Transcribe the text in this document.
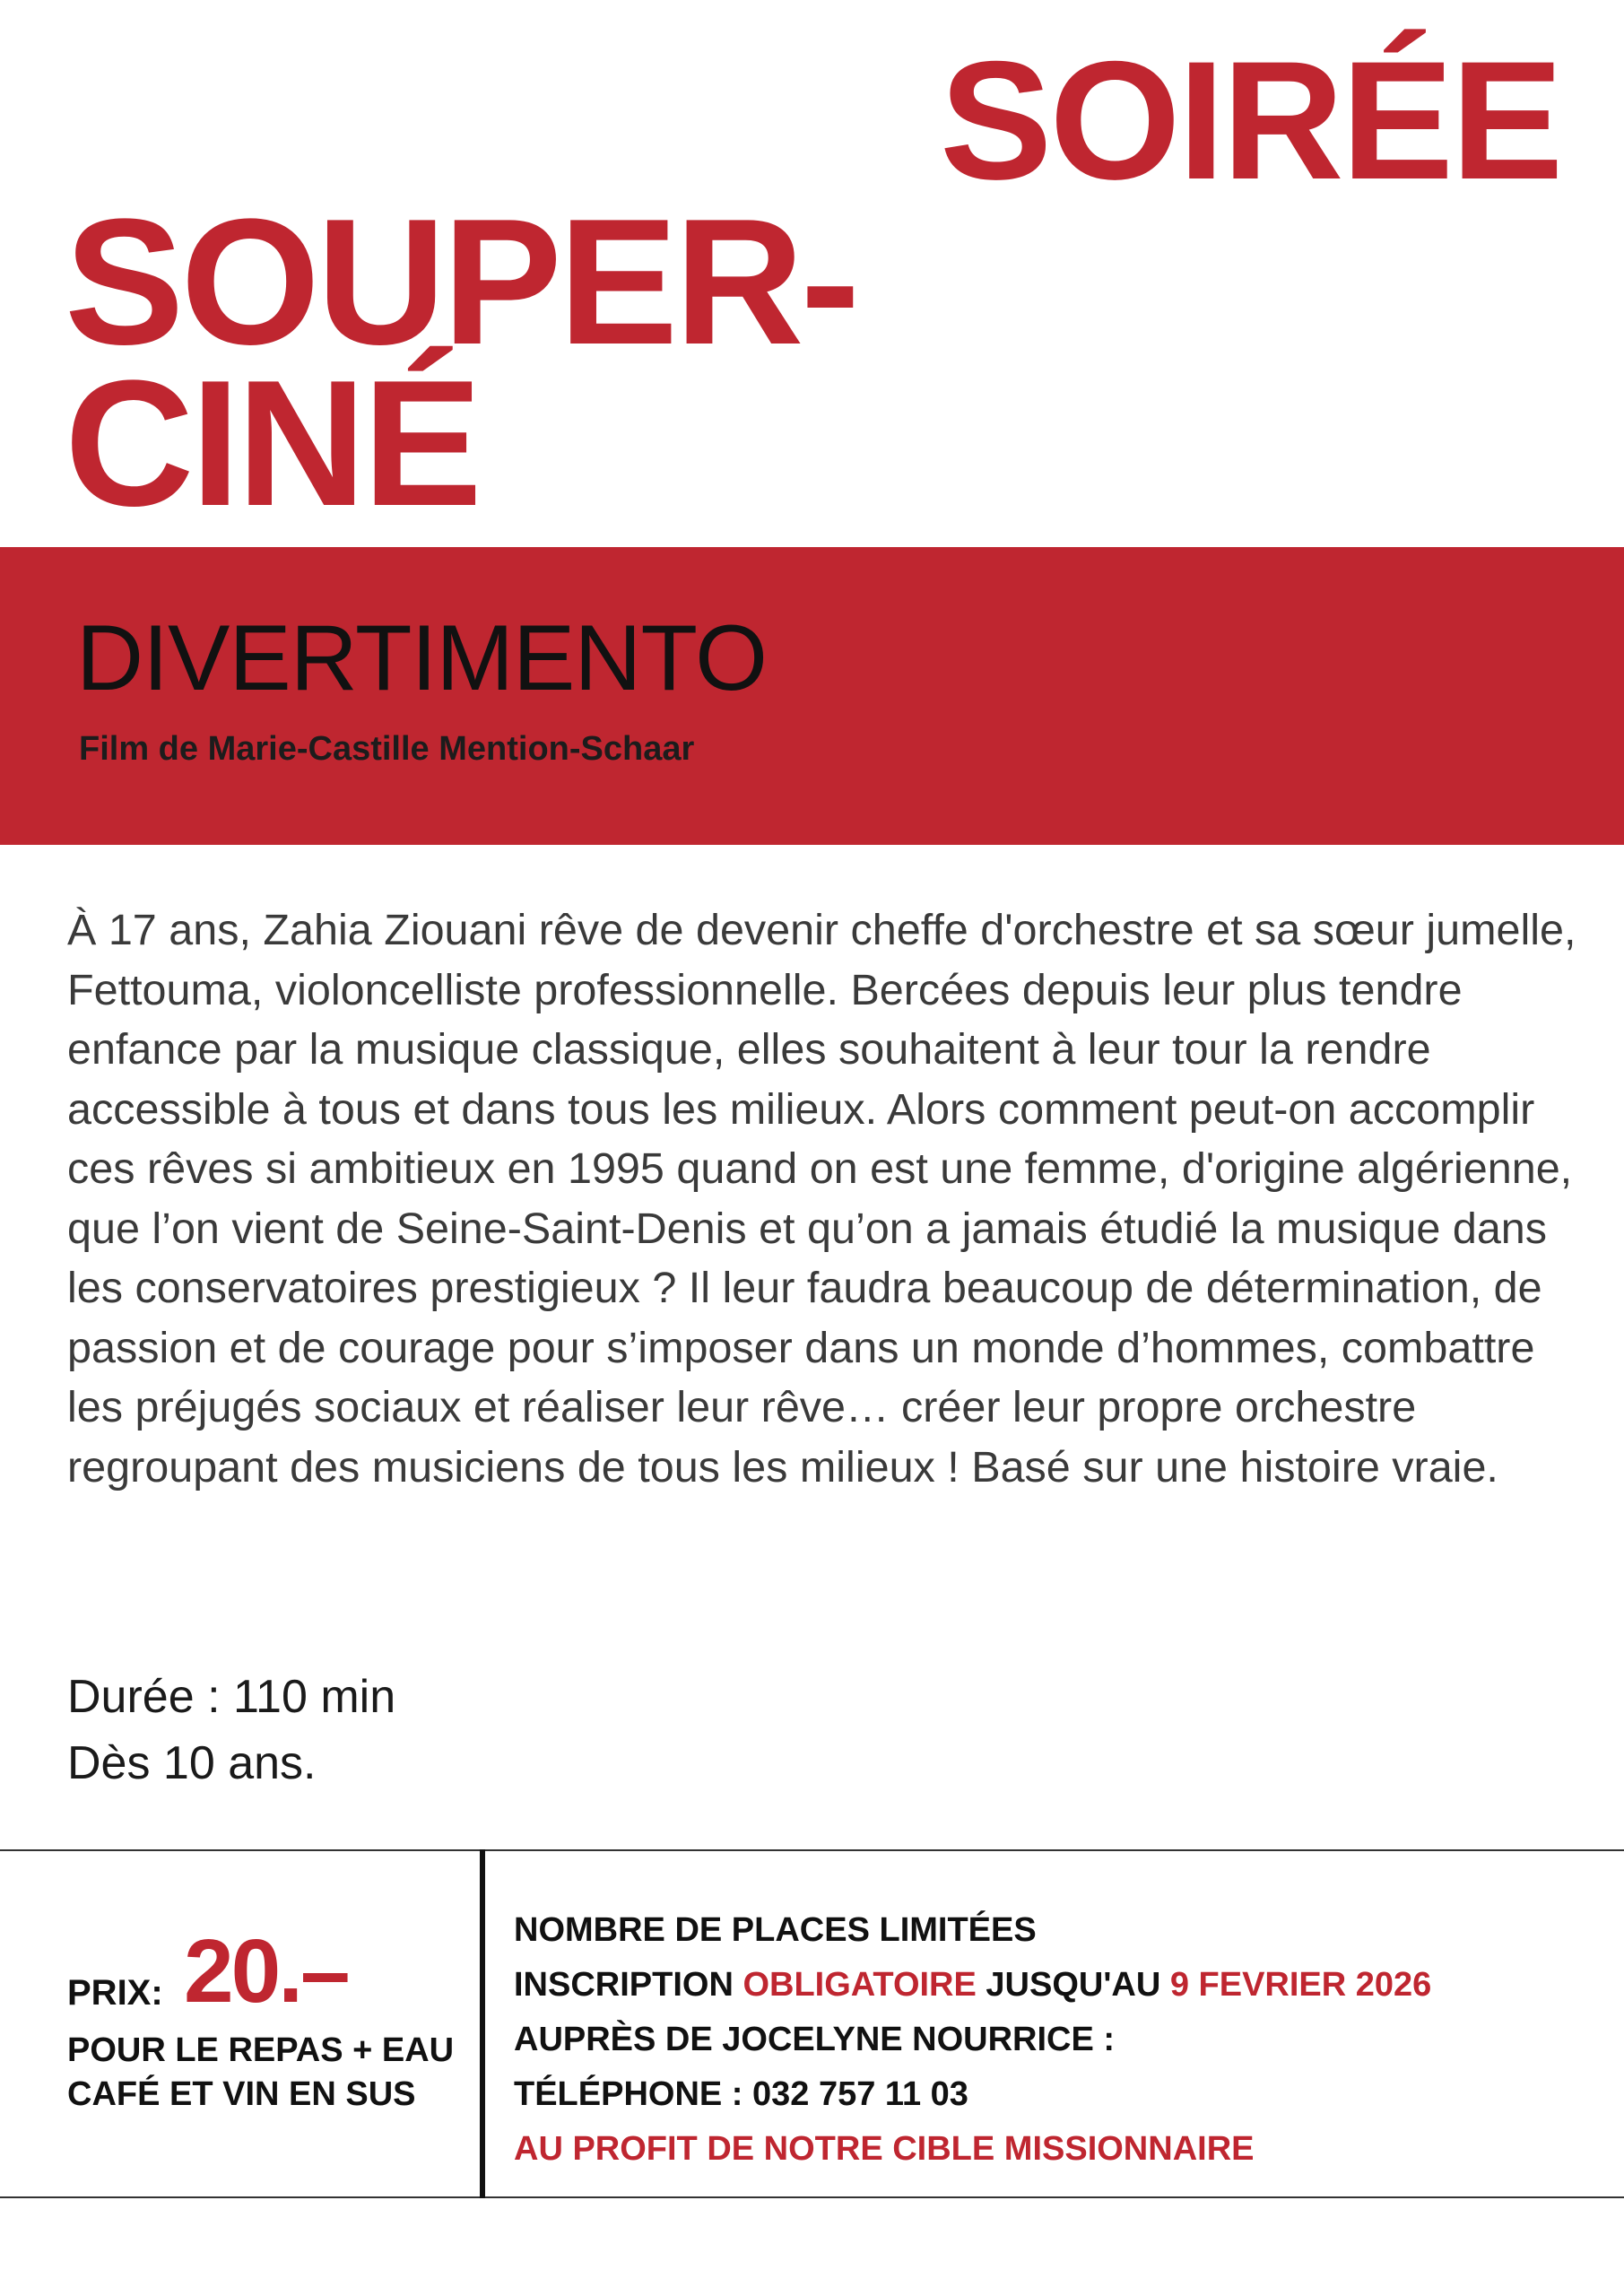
SOIRÉE
SOUPER-
CINÉ
DIVERTIMENTO
Film de Marie-Castille Mention-Schaar

À 17 ans, Zahia Ziouani rêve de devenir cheffe d'orchestre et sa sœur jumelle, Fettouma, violoncelliste professionnelle. Bercées depuis leur plus tendre enfance par la musique classique, elles souhaitent à leur tour la rendre accessible à tous et dans tous les milieux. Alors comment peut-on accomplir ces rêves si ambitieux en 1995 quand on est une femme, d'origine algérienne, que l’on vient de Seine-Saint-Denis et qu’on a jamais étudié la musique dans les conservatoires prestigieux ? Il leur faudra beaucoup de détermination, de passion et de courage pour s’imposer dans un monde d’hommes, combattre les préjugés sociaux et réaliser leur rêve… créer leur propre orchestre regroupant des musiciens de tous les milieux ! Basé sur une histoire vraie.

Durée : 110 min
Dès 10 ans.
PRIX: 20.–
POUR LE REPAS + EAU
CAFÉ ET VIN EN SUS
NOMBRE DE PLACES LIMITÉES
INSCRIPTION OBLIGATOIRE JUSQU'AU 9 FEVRIER 2026
AUPRÈS DE JOCELYNE NOURRICE :
TÉLÉPHONE : 032 757 11 03
AU PROFIT DE NOTRE CIBLE MISSIONNAIRE
